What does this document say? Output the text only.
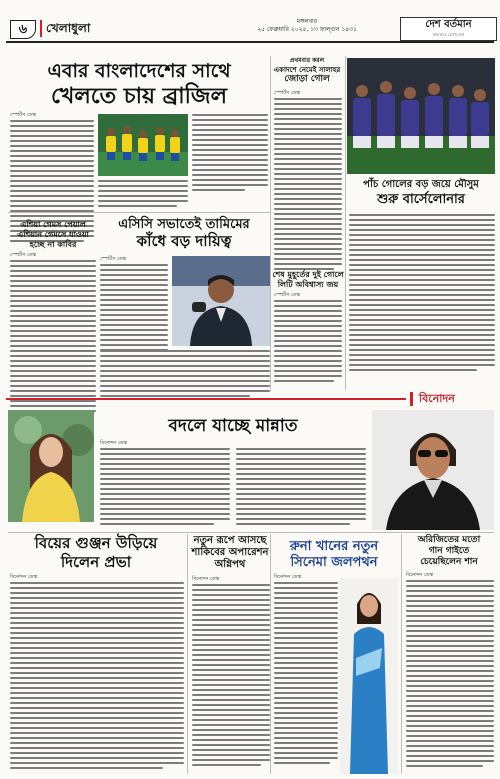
৬	খেলাধুলা	মঙ্গলবার
২৫ ফেব্রুয়ারি ২০২৫, ১৩ ফাল্গুন ১৪৩১	দেশ বর্তমান
আমাদের চোখে দেশ
এবার বাংলাদেশের সাথে
খেলতে চায় ব্রাজিল
স্পোর্টস ডেস্ক
এশিয়া গেমস পেয়াল
এশিয়ান গেমসে যাওয়া
হচ্ছে না কাবির
স্পোর্টস ডেস্ক
এসিসি সভাতেই তামিমের
কাঁধে বড় দায়িত্ব
স্পোর্টস ডেস্ক
প্রথমবার করল
একাদশে নেমেই সালাহর
জোড়া গোল
স্পোর্টস ডেস্ক
শেষ মুহূর্তের দুই গোলে
লিটি অবিশ্বাস্য জয়
স্পোর্টস ডেস্ক
পাঁচ গোলের বড় জয়ে মৌসুম
শুরু বার্সেলোনার
বিনোদন
বদলে যাচ্ছে মান্নাত
বিনোদন ডেস্ক
বিয়ের গুঞ্জন উড়িয়ে
দিলেন প্রভা
বিনোদন ডেস্ক
নতুন রূপে আসছে
শাকিবের অপারেশন
অগ্নিপথ
বিনোদন ডেস্ক
রুনা খানের নতুন
সিনেমা জলপথন
বিনোদন ডেস্ক
অরিজিতের মতো
গান গাইতে
চেয়েছিলেন শান
বিনোদন ডেস্ক
